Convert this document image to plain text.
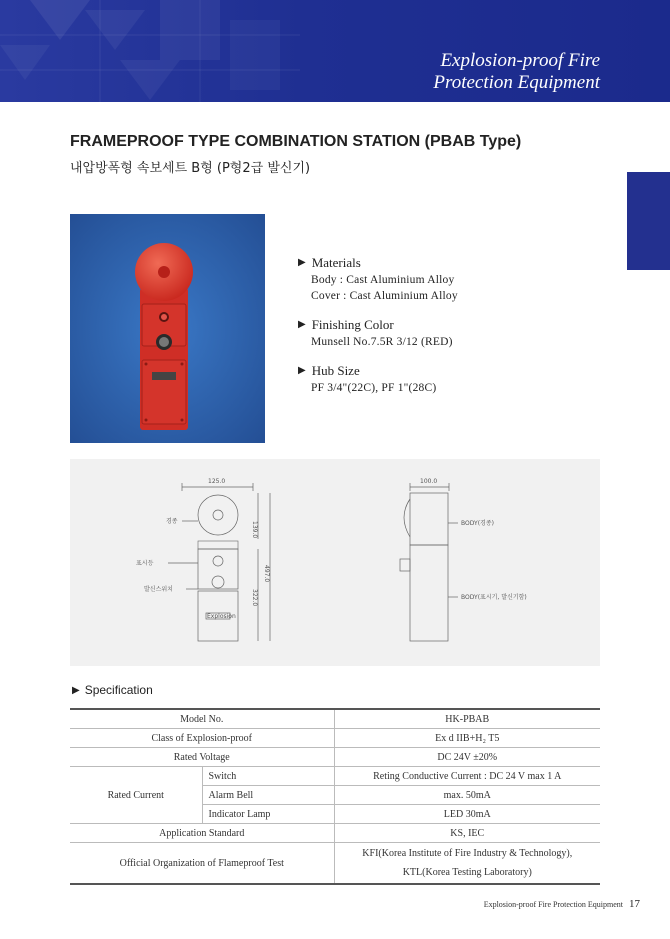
Explosion-proof Fire
Protection Equipment
FRAMEPROOF TYPE COMBINATION STATION (PBAB Type)
내압방폭형 속보세트 B형 (P형2급 발신기)
▶ Materials
Body : Cast Aluminium Alloy
Cover : Cast Aluminium Alloy
▶ Finishing Color
Munsell No.7.5R 3/12 (RED)
▶ Hub Size
PF 3/4"(22C), PF 1"(28C)
125.0
Explosion
139.0
497.0
322.0
경종
표시등
발신스위치
100.0
BODY(경종)
BODY(표시기, 발신기함)
▶ Specification
Model No.		HK-PBAB
Class of Explosion-proof		Ex d IIB+H₂ T5
Rated Voltage		DC 24V ±20%
Rated Current	Switch	Reting Conductive Current : DC 24 V max 1 A
	Alarm Bell	max. 50mA
	Indicator Lamp	LED 30mA
Application Standard		KS, IEC
Official Organization of Flameproof Test		KFI(Korea Institute of Fire Industry & Technology),
KTL(Korea Testing Laboratory)
Explosion-proof Fire Protection Equipment 17
